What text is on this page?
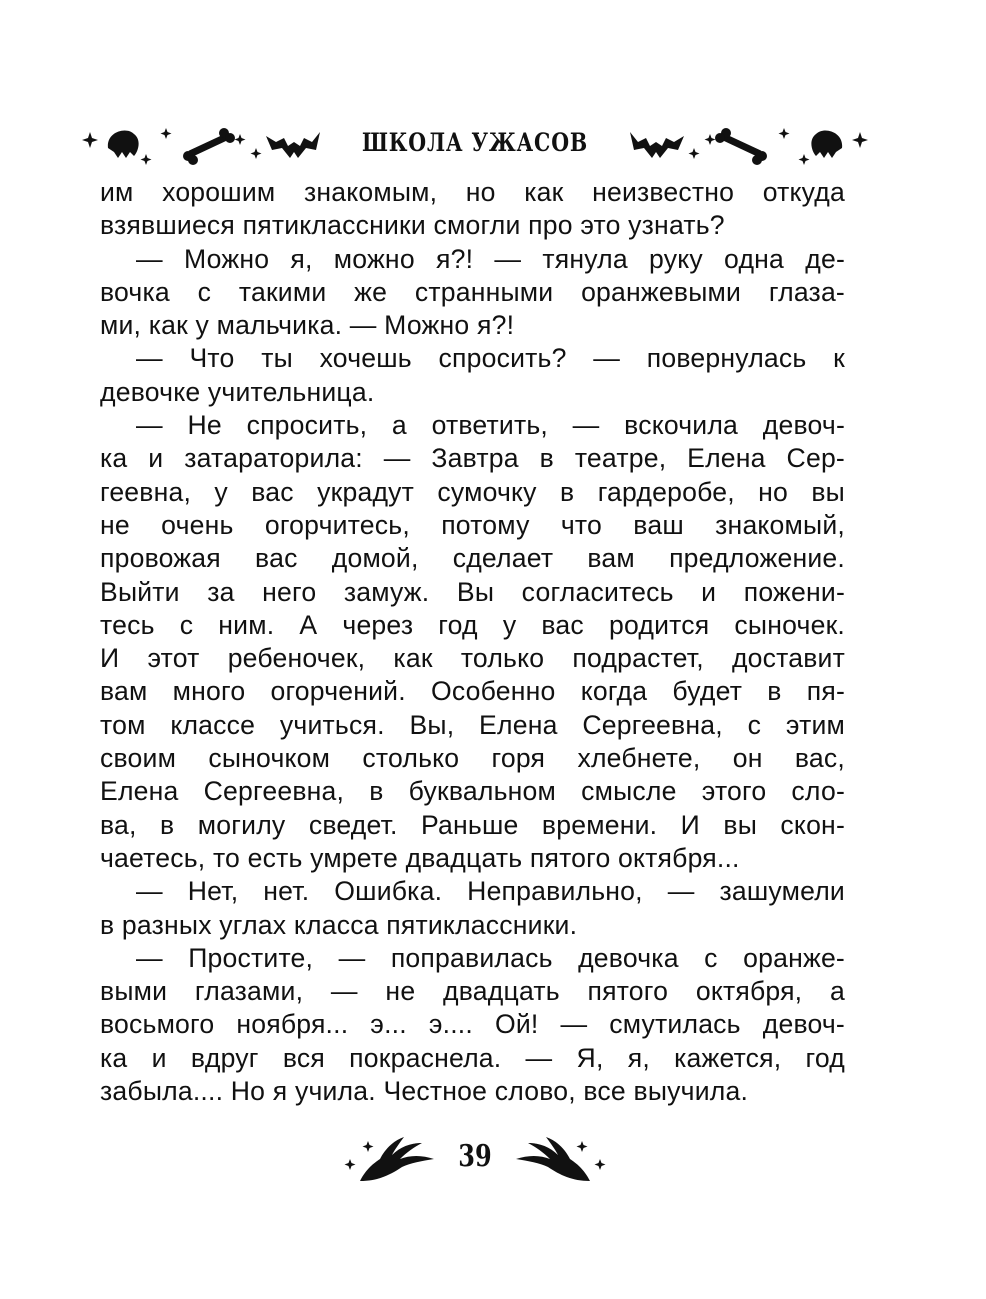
ШКОЛА УЖАСОВ
им хорошим знакомым, но как неизвестно откуда
взявшиеся пятиклассники смогли про это узнать?
— Можно я, можно я?! — тянула руку одна де-
вочка с такими же странными оранжевыми глаза-
ми, как у мальчика. — Можно я?!
— Что ты хочешь спросить? — повернулась к
девочке учительница.
— Не спросить, а ответить, — вскочила девоч-
ка и затараторила: — Завтра в театре, Елена Сер-
геевна, у вас украдут сумочку в гардеробе, но вы
не очень огорчитесь, потому что ваш знакомый,
провожая вас домой, сделает вам предложение.
Выйти за него замуж. Вы согласитесь и пожени-
тесь с ним. А через год у вас родится сыночек.
И этот ребеночек, как только подрастет, доставит
вам много огорчений. Особенно когда будет в пя-
том классе учиться. Вы, Елена Сергеевна, с этим
своим сыночком столько горя хлебнете, он вас,
Елена Сергеевна, в буквальном смысле этого сло-
ва, в могилу сведет. Раньше времени. И вы скон-
чаетесь, то есть умрете двадцать пятого октября...
— Нет, нет. Ошибка. Неправильно, — зашумели
в разных углах класса пятиклассники.
— Простите, — поправилась девочка с оранже-
выми глазами, — не двадцать пятого октября, а
восьмого ноября... э... э.... Ой! — смутилась девоч-
ка и вдруг вся покраснела. — Я, я, кажется, год
забыла.... Но я учила. Честное слово, все выучила.
39
